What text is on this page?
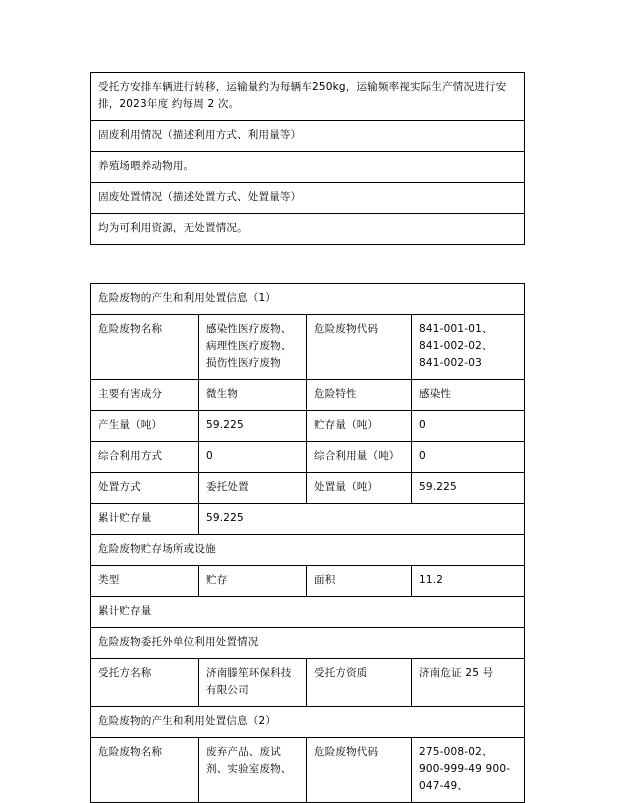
受托方安排车辆进行转移，运输量约为每辆车250kg，运输频率视实际生产情况进行安排，2023年度 约每周 2 次。
固废利用情况（描述利用方式、利用量等）
养殖场喂养动物用。
固废处置情况（描述处置方式、处置量等）
均为可利用资源，无处置情况。
危险废物的产生和利用处置信息（1）			
危险废物名称	感染性医疗废物、病理性医疗废物、损伤性医疗废物	危险废物代码	841-001-01、841-002-02、841-002-03
主要有害成分	微生物	危险特性	感染性
产生量（吨）	59.225	贮存量（吨）	0
综合利用方式	0	综合利用量（吨）	0
处置方式	委托处置	处置量（吨）	59.225
累计贮存量	59.225		
危险废物贮存场所或设施			
类型	贮存	面积	11.2
累计贮存量			
危险废物委托外单位利用处置情况			
受托方名称	济南滕笙环保科技有限公司	受托方资质	济南危证 25 号
危险废物的产生和利用处置信息（2）			
危险废物名称	废弃产品、废试剂、实验室废物、	危险废物代码	275-008-02、900-999-49 900-047-49、
